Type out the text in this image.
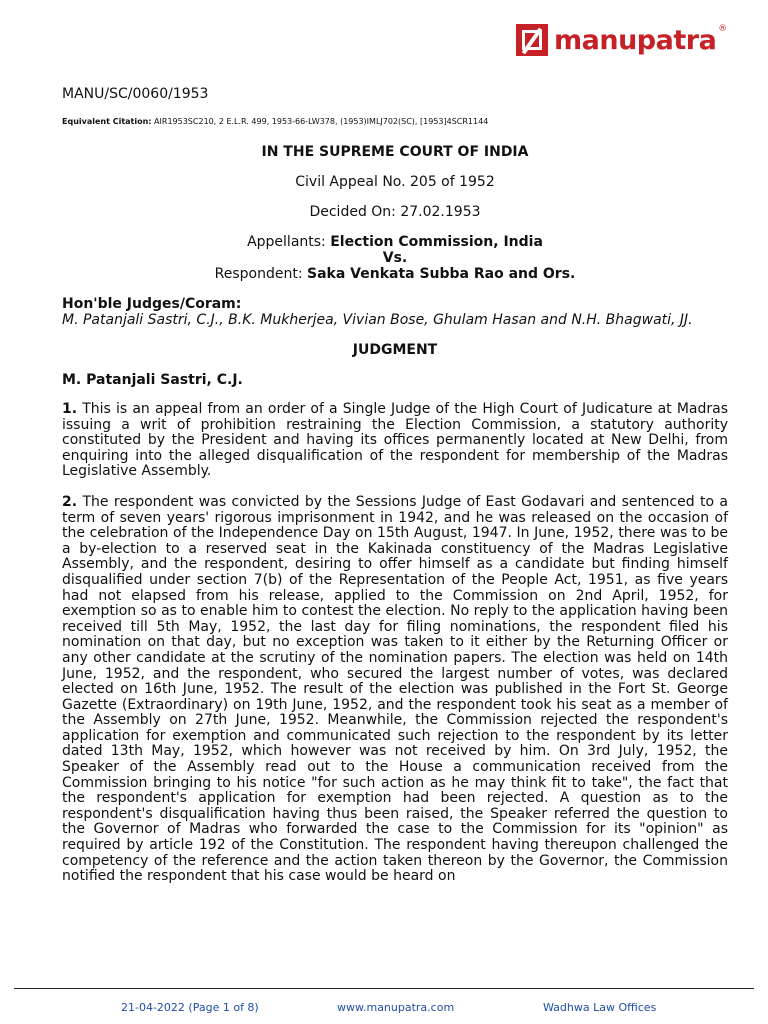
manupatra ®

MANU/SC/0060/1953

Equivalent Citation: AIR1953SC210, 2 E.L.R. 499, 1953-66-LW378, (1953)IMLJ702(SC), [1953]4SCR1144

IN THE SUPREME COURT OF INDIA

Civil Appeal No. 205 of 1952

Decided On: 27.02.1953

Appellants: Election Commission, India
Vs.
Respondent: Saka Venkata Subba Rao and Ors.

Hon'ble Judges/Coram:

M. Patanjali Sastri, C.J., B.K. Mukherjea, Vivian Bose, Ghulam Hasan and N.H. Bhagwati, JJ.

JUDGMENT

M. Patanjali Sastri, C.J.

1. This is an appeal from an order of a Single Judge of the High Court of Judicature at Madras issuing a writ of prohibition restraining the Election Commission, a statutory authority constituted by the President and having its offices permanently located at New Delhi, from enquiring into the alleged disqualification of the respondent for membership of the Madras Legislative Assembly.

2. The respondent was convicted by the Sessions Judge of East Godavari and sentenced to a term of seven years' rigorous imprisonment in 1942, and he was released on the occasion of the celebration of the Independence Day on 15th August, 1947. In June, 1952, there was to be a by-election to a reserved seat in the Kakinada constituency of the Madras Legislative Assembly, and the respondent, desiring to offer himself as a candidate but finding himself disqualified under section 7(b) of the Representation of the People Act, 1951, as five years had not elapsed from his release, applied to the Commission on 2nd April, 1952, for exemption so as to enable him to contest the election. No reply to the application having been received till 5th May, 1952, the last day for filing nominations, the respondent filed his nomination on that day, but no exception was taken to it either by the Returning Officer or any other candidate at the scrutiny of the nomination papers. The election was held on 14th June, 1952, and the respondent, who secured the largest number of votes, was declared elected on 16th June, 1952. The result of the election was published in the Fort St. George Gazette (Extraordinary) on 19th June, 1952, and the respondent took his seat as a member of the Assembly on 27th June, 1952. Meanwhile, the Commission rejected the respondent's application for exemption and communicated such rejection to the respondent by its letter dated 13th May, 1952, which however was not received by him. On 3rd July, 1952, the Speaker of the Assembly read out to the House a communication received from the Commission bringing to his notice "for such action as he may think fit to take", the fact that the respondent's application for exemption had been rejected. A question as to the respondent's disqualification having thus been raised, the Speaker referred the question to the Governor of Madras who forwarded the case to the Commission for its "opinion" as required by article 192 of the Constitution. The respondent having thereupon challenged the competency of the reference and the action taken thereon by the Governor, the Commission notified the respondent that his case would be heard on

21-04-2022 (Page 1 of 8)	www.manupatra.com	Wadhwa Law Offices
